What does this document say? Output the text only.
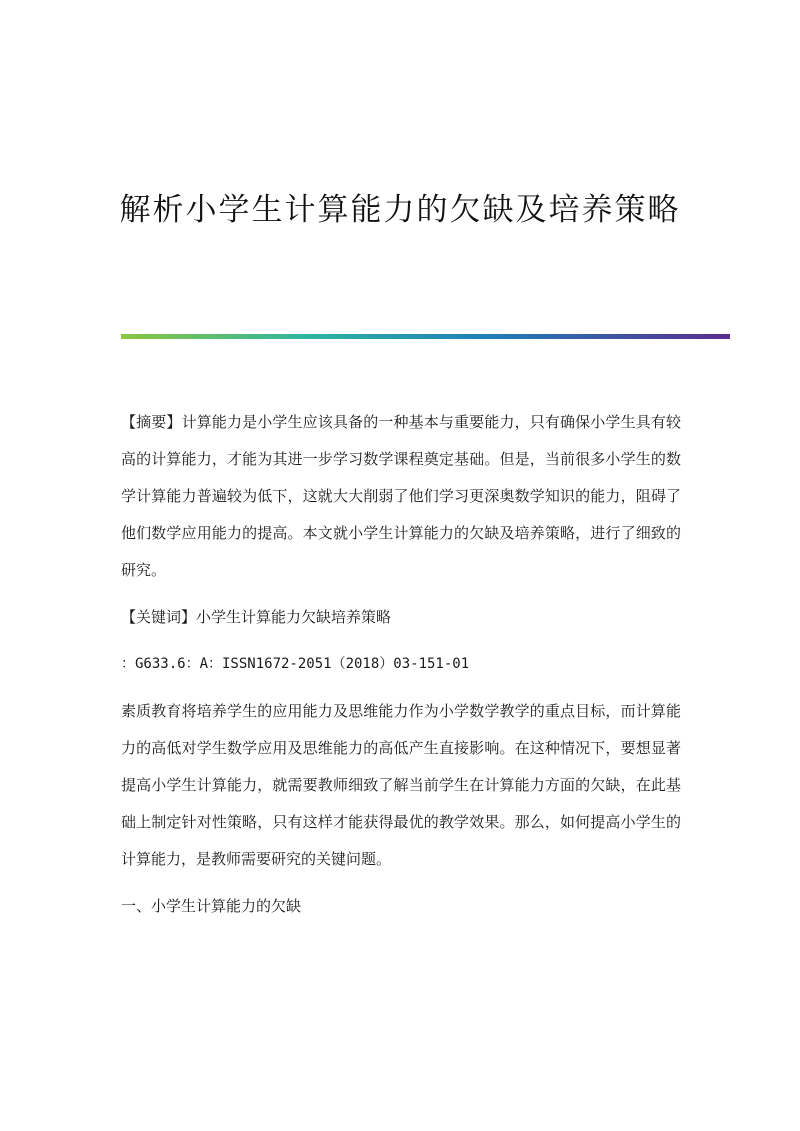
解析小学生计算能力的欠缺及培养策略

【摘要】计算能力是小学生应该具备的一种基本与重要能力，只有确保小学生具有较高的计算能力，才能为其进一步学习数学课程奠定基础。但是，当前很多小学生的数学计算能力普遍较为低下，这就大大削弱了他们学习更深奥数学知识的能力，阻碍了他们数学应用能力的提高。本文就小学生计算能力的欠缺及培养策略，进行了细致的研究。

【关键词】小学生计算能力欠缺培养策略

：G633.6：A：ISSN1672-2051（2018）03-151-01

素质教育将培养学生的应用能力及思维能力作为小学数学教学的重点目标，而计算能力的高低对学生数学应用及思维能力的高低产生直接影响。在这种情况下，要想显著提高小学生计算能力，就需要教师细致了解当前学生在计算能力方面的欠缺，在此基础上制定针对性策略，只有这样才能获得最优的教学效果。那么，如何提高小学生的计算能力，是教师需要研究的关键问题。

一、小学生计算能力的欠缺
